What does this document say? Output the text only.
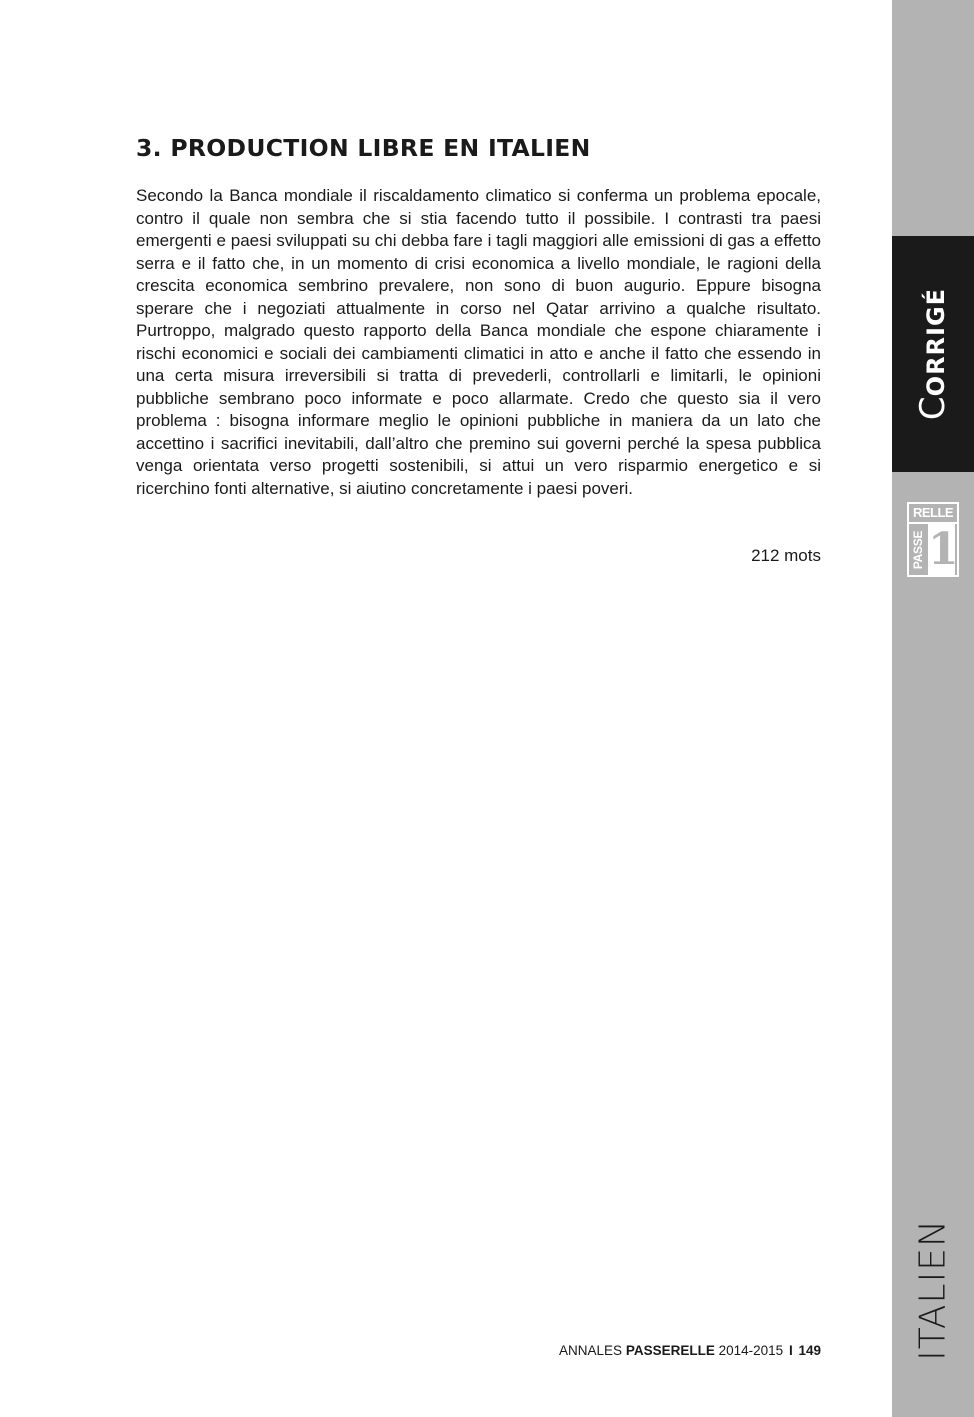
3. PRODUCTION LIBRE EN ITALIEN

Secondo la Banca mondiale il riscaldamento climatico si conferma un problema epocale, contro il quale non sembra che si stia facendo tutto il possibile. I contrasti tra paesi emergenti e paesi sviluppati su chi debba fare i tagli maggiori alle emissioni di gas a effetto serra e il fatto che, in un momento di crisi economica a livello mondiale, le ragioni della crescita economica sembrino prevalere, non sono di buon augurio. Eppure bisogna sperare che i negoziati attualmente in corso nel Qatar arrivino a qualche risultato. Purtroppo, malgrado questo rapporto della Banca mondiale che espone chiaramente i rischi economici e sociali dei cambiamenti climatici in atto e anche il fatto che essendo in una certa misura irreversibili si tratta di prevederli, controllarli e limitarli, le opinioni pubbliche sembrano poco informate e poco allarmate. Credo che questo sia il vero problema : bisogna informare meglio le opinioni pubbliche in maniera da un lato che accettino i sacrifici inevitabili, dall’altro che premino sui governi perché la spesa pubblica venga orientata verso progetti sostenibili, si attui un vero risparmio energetico e si ricerchino fonti alternative, si aiutino concretamente i paesi poveri.

212 mots
ANNALES PASSERELLE 2014-2015 I 149
CORRIGÉ
RELLE
PASSE 1
ITALIEN
